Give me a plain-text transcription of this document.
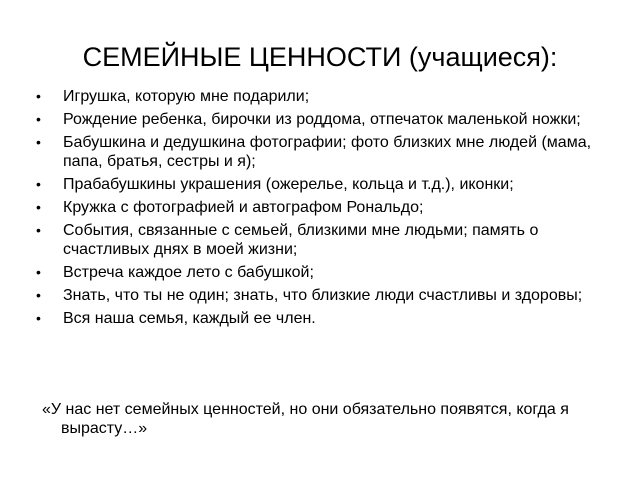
СЕМЕЙНЫЕ ЦЕННОСТИ (учащиеся):
• Игрушка, которую мне подарили;
• Рождение ребенка, бирочки из роддома, отпечаток маленькой ножки;
• Бабушкина и дедушкина фотографии; фото близких мне людей (мама, папа, братья, сестры и я);
• Прабабушкины украшения (ожерелье, кольца и т.д.), иконки;
• Кружка с фотографией и автографом Рональдо;
• События, связанные с семьей, близкими мне людьми; память о счастливых днях в моей жизни;
• Встреча каждое лето с бабушкой;
• Знать, что ты не один; знать, что близкие люди счастливы и здоровы;
• Вся наша семья, каждый ее член.

«У нас нет семейных ценностей, но они обязательно появятся, когда я вырасту…»
